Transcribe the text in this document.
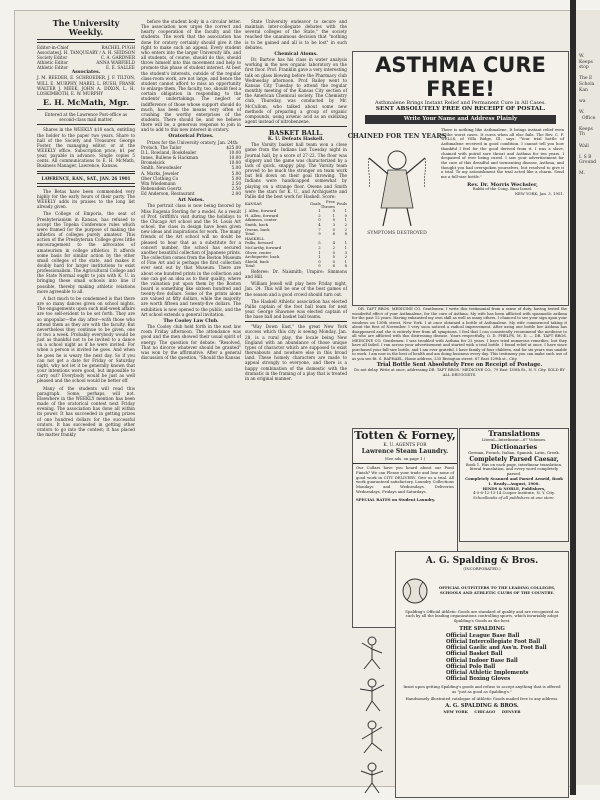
The University Weekly.
Editor-in-Chief	RACHEL PUGH
Associates J. H. TANQUEARY / A. H. SEIDSON
Society Editor	C. A. GARDNER
Athletic Editor	ANNA WARFIELD
Athletic Editor	E. E. SALLEE
Associates.
J. M. REEDER, E. SCHROEDER, J. F. TILTON, WILL E. MURPHY, MABEL L. BUSH, FRANK WALTER J. MEEK, JOHN A. DIXON, L. H. LOSKIMBOTH, E. W. MURPHY
E. H. McMath, Mgr.
Entered at the Lawrence Post-office as second-class mail matter.
Shares in the WEEKLY $10 each, entitling the holder to the paper two years. Share to hall of the Society and Treasurer. George Foster, the managing editor, or at the WEEKLY office. Subscription price, $1 per year, payable in advance. Single copies 5 cents. All communications to E. H. McMath, Business Manager, Lawrence, Kansas.
LAWRENCE, KAN., SAT., JAN. 26 1901

The Betas have been commended very highly for the early hours of their party. The WEEKLY adds its praises to the long list already given.

The College of Emporia, the seat of Presbyterianism in Kansas, has refused to accept the Topeka Conference rules which were framed for the purpose of making the athletics of colleges purely amateur. This action of the Presbyterian College gives little encouragement to the advocates of amateurism in college athletics. It affords some basis for similar action by the other small colleges of the state, and makes it doubly hard for larger institutions to exist professionalism. The Agricultural College and the State Normal ought to join with K. U. in bringing these small schools into line if possible, thereby making athletic relations more agreeable to all.

A fact much to be condemned is that there are so many dances given on school nights. The engagements upon such mid-week affairs are too self-evident to be set forth. They are so unpopular—the day after—with those who attend them as they are with the faculty. But nevertheless they continue to be given, one or two a week. Probably everybody would be just as thankful not to be invited to a dance on a school night as if he were invited. For when a person is invited he goes. And when he goes he is weary the next day. So if you can not get a date for Friday or Saturday night, why not let it be generally known that your intentions were good, but impossible to carry out? Everybody would be just as well pleased and the school would be better off.

Many of the students will read this paragraph. Some, perhaps, will not. Elsewhere in the WEEKLY mention has been made of the oratorical contest next Friday evening. The association has done all within its power. It has succeeded in getting prizes of one hundred dollars for the successful orators. It has succeeded in getting other orators to go into the contest; it has placed the matter frankly

before the student body in a circular letter. The association now urges the correct and hearty cooperation of the faculty and the students. The work that the association has done for oratory certainly should give it the right to make such an appeal. Every student who enters into the larger University life, and all students, of course, should do this, should throw himself into this movement and help to promote this phase of student interest. At best the student's interests, outside of the regular class-room work, are not large, and hence the student cannot afford to miss an opportunity to enlarge them. The faculty, too, should feel a certain obligation in responding to the students' undertakings. The neglect or indifference of those whose support should do much, has been the means very often of crushing the worthy enterprises of the students. There should be, and we believe there will be, a generous response to join in and to add to this new interest in oratory.

Oratorical Prizes.
Prizes for the University oratory, Jan. 24th:
Protsch, The Tailor	$25.00
D.L. Rowland, Bookdealer	10.00
Innes, Bullene & Hackman	10.00
Bromelsick	10.00
Smith, Newsdealer	5.00
A. Marks, Jeweler	5.00
Ober Clothing Co	5.00
Wm Wiedemann	2.50
Rebensdein Goertz	2.50
Ed Anderson, Restaurant	2.00
Art Notes.

The portrait class is now being favored by Miss Eugenia Sterling for a model. As a result of Prof. Griffith's visit during the holidays to the Chicago Art school and the St. Louis Art school, the class in design have been given new ideas and inspirations for work. The many friends of the Art school will no doubt be pleased to hear that as a substitute for a concert number, the school has secured another beautiful collection of Japanese prints. The collection comes from the Boston Museum of Fine Art and is perhaps the first collection ever sent out by that Museum. There are about one hundred prints in the collection and one can get an idea as to their quality, where the valuation put upon them by the Boston board is something like sixteen hundred and twenty-five dollars. Some of the prints alone are valued at fifty dollars, while the majority are worth fifteen and twenty-five dollars. The exhibition is now opened to the public, and the Art school extends a general invitation.

The Cooley Law Club.

The Cooley club held forth in the east law room Friday afternoon. The attendance was good and the men showed their usual spirit of energy. The question for debate: "Resolved, That no divorce whatever should be granted" was won by the affirmative. After a general discussion of the question, "Should the Kansas

State University endeavor to secure and maintain inter-collegiate debates with the several colleges of the State," the society reached the unanimous decision that "nothing is to be gained and all is to be lost" in such debates.

Chemical Atoms.

Dr. Bartow has his class in water analysis working in the new organic laboratory on the first floor. Prof. Franklin gave a very interesting talk on glass blowing before the Pharmacy club Wednesday afternoon. Prof. Bailey went to Kansas City Tuesday to attend the regular monthly meeting of the Kansas City section of the American Chemical society. The Chemistry club, Thursday, was conducted by Mr. McCullom, who talked about some new methods of preparing a group of organic compounds, using arsenic acid as an oxidizing agent instead of nitrobenzene.

BASKET BALL.
K. U. Defeats Haskell.

The Varsity basket ball team won a close game from the Indians last Tuesday night in Journal hall, by a score of 27-22. The floor was slippery and the game was characterized by a lack of quick, snappy play. The Varsity team proved to be much the stronger on team work but fell down on their goal throwing. The Indians were handicapped somewhat by playing on a strange floor. Owens and Smith were the stars for K. U., and Archiquette and Pallis did the best work for Haskell. Score:

KANSAS	Goals	Free Throws	Fouls
J. Allen, forward	1	0	1
H. Allen, forward	2	1	0
Atkinson, center	0	0	1
Smith, back	4	3	2
Owens, back	7	0	2
Total	9	6	8
HASKELL			
Pallis, forward	5	4	1
McCarthy, forward	2	2	1
Oliver, center	1	0	3
Archiquette, back	1	0	2
Shield, back	0	0	1
Total	9	6	8
Referee: Dr. Naismith; Umpire: Simmons and Hill.

William Jewell will play here Friday night, Jan. 24. This will be one of the best games of the season and a good crowd should turn out.

The Haskell Athletic association has elected Pallis captain of the foot ball team for next year. George Shawnee was elected captain of the base ball and basket ball teams.

"Way Down East," the great New York success which this city is seeing Monday, Jan. 28, is a rural play, the locale being New England with an abundance of those unique types of character which are supposed to exist thereabouts and nowhere else in this broad land. These homely characters are made to appeal strongly to everyone, and there is a happy combination of the domestic with the dramatic in the framing of a play that is treated in an original manner.

ASTHMA CURE
FREE!
Asthmalene Brings Instant Relief and Permanent Cure in All Cases.
SENT ABSOLUTELY FREE ON RECEIPT OF POSTAL.
Write Your Name and Address Plainly
CHAINED FOR TEN YEARS
SYMPTOMS DESTROYED
There is nothing like Asthmalene. It brings instant relief even in the worst cases. It cures when all else fails. The Rev. C. F. WELLS, of Villa Ridge, Ill., says: "Your trial bottle of Asthmalene received in good condition. I cannot tell you how thankful I feel for the good derived from it. I was a slave, chained with putrid sore throat and Asthma for ten years. I despaired of ever being cured. I saw your advertisement for the cure of this dreadful and tormenting disease, Asthma, and thought you had overspoken yourselves, but resolved to give it a trial. To my astonishment the trial acted like a charm. Send me a full-size bottle."
Rev. Dr. Morris Wechsler,
Rabbi of the Cong. Bnai Israel.
NEW YORK, Jan. 3, 1901.
DR. TAFT BROS. MEDICINE CO. Gentlemen: I write this testimonial from a sense of duty, having tested the wonderful effect of your Asthmalene, for the cure of Asthma. My wife has been afflicted with spasmodic asthma for the past 12 years. Having exhausted my own skill as well as many others, I chanced to see your sign upon your windows on 130th street, New York. I at once obtained a bottle of Asthmalene. My wife commenced taking it about the first of November. I very soon noticed a radical improvement. After using one bottle her Asthma has disappeared and she is entirely free from all symptoms. I feel that I can consistently recommend the medicine to all who are afflicted with this distressing disease. Yours respectfully, O. D. PHELPS, M. D. — DR. TAFT BROS. MEDICINE CO. Gentlemen: I was troubled with Asthma for 22 years. I have tried numerous remedies, but they have all failed. I ran across your advertisement and started with a trial bottle. I found relief at once. I have since purchased your full-size bottle, and I am ever grateful. I have family of four children, and for six years was unable to work. I am now in the best of health and am doing business every day. This testimony you can make such use of as you see fit. S. RAPHAEL, Home address, 235 Rivington street. 67 East 129th st., City.
Trial Bottle Sent Absolutely Free on Receipt of Postage.
Do not delay. Write at once, addressing DR. TAFT BROS.' MEDICINE CO., 79 East 130th St., N. Y. City. SOLD BY ALL DRUGGISTS.
Totten & Forney,
K. U. AGENTS FOR
Lawrence Steam Laundry.
(See ads. on page 1.)
Our Collars have you heard about our Pond Finish? We can Please your trade and lose none of good work in CITY DELIVERY. Give us a trial. All work guaranteed satisfactory. Laundry Collections Mondays and Wednesdays. Deliveries Wednesdays, Fridays and Saturdays.
SPECIAL RATES on Student Laundry.
Translations
Literal—Interlinear—67 Volumes.
Dictionaries
German, French, Italian, Spanish, Latin, Greek.
Completely Parsed Caesar,
Book 1. Has on each page, interlinear translation, literal translation, and every word completely parsed.
Completely Scanned and Parsed Aeneid, Book 1. Ready—August, 1900.
HINDS & NOBLE, Publishers,
4-5-6-12-13-14 Cooper Institute, N. Y. City.
Schoolbooks of all publishers at one store.
A. G. Spalding & Bros.
(INCORPORATED.)
OFFICIAL OUTFITTERS TO THE LEADING COLLEGES, SCHOOLS AND ATHLETIC CLUBS OF THE COUNTRY.
Spalding's Official Athletic Goods are standard of quality and are recognized as such by all the leading organizations controlling sports, which invariably adopt Spalding's Goods as the best.
THE SPALDING
Official League Base Ball
Official Intercollegiate Foot Ball
Official Gaelic and Ass'n. Foot Ball
Official Basket Ball
Official Indoor Base Ball
Official Polo Ball
Official Athletic Implements
Official Boxing Gloves
Insist upon getting Spalding's goods and refuse to accept anything that is offered as "just as good as Spalding's."
Handsomely illustrated catalogue of Athletic Goods mailed free to any address.
A. G. SPALDING & BROS.
NEW YORK     CHICAGO     DENVER
W.
Keeps
stop

The E
Schola
Kan

wa

W.
Office

Keeps
Th

Wall

I. S B
Ground

M.
